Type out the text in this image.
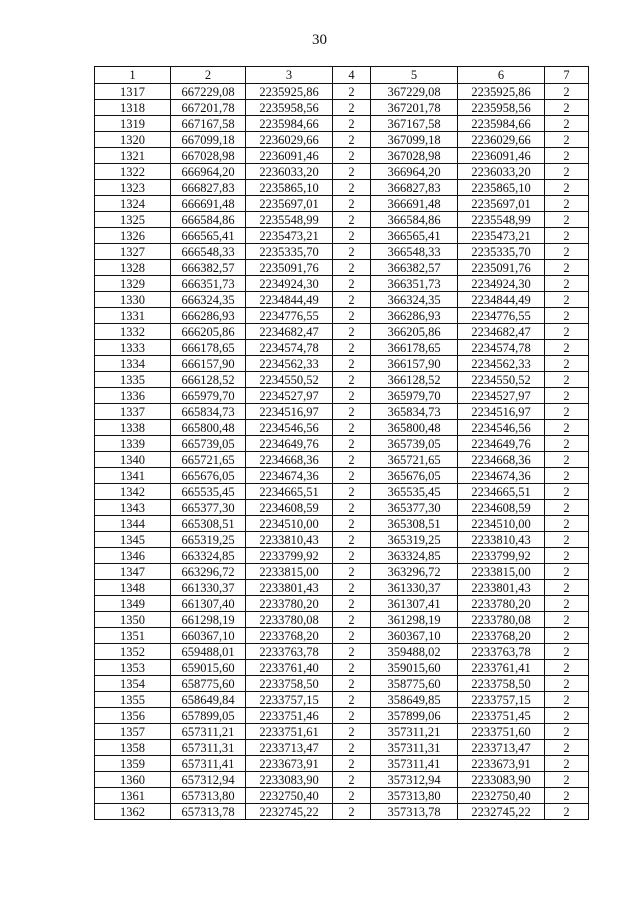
30
1	2	3	4	5	6	7
1317	667229,08	2235925,86	2	367229,08	2235925,86	2
1318	667201,78	2235958,56	2	367201,78	2235958,56	2
1319	667167,58	2235984,66	2	367167,58	2235984,66	2
1320	667099,18	2236029,66	2	367099,18	2236029,66	2
1321	667028,98	2236091,46	2	367028,98	2236091,46	2
1322	666964,20	2236033,20	2	366964,20	2236033,20	2
1323	666827,83	2235865,10	2	366827,83	2235865,10	2
1324	666691,48	2235697,01	2	366691,48	2235697,01	2
1325	666584,86	2235548,99	2	366584,86	2235548,99	2
1326	666565,41	2235473,21	2	366565,41	2235473,21	2
1327	666548,33	2235335,70	2	366548,33	2235335,70	2
1328	666382,57	2235091,76	2	366382,57	2235091,76	2
1329	666351,73	2234924,30	2	366351,73	2234924,30	2
1330	666324,35	2234844,49	2	366324,35	2234844,49	2
1331	666286,93	2234776,55	2	366286,93	2234776,55	2
1332	666205,86	2234682,47	2	366205,86	2234682,47	2
1333	666178,65	2234574,78	2	366178,65	2234574,78	2
1334	666157,90	2234562,33	2	366157,90	2234562,33	2
1335	666128,52	2234550,52	2	366128,52	2234550,52	2
1336	665979,70	2234527,97	2	365979,70	2234527,97	2
1337	665834,73	2234516,97	2	365834,73	2234516,97	2
1338	665800,48	2234546,56	2	365800,48	2234546,56	2
1339	665739,05	2234649,76	2	365739,05	2234649,76	2
1340	665721,65	2234668,36	2	365721,65	2234668,36	2
1341	665676,05	2234674,36	2	365676,05	2234674,36	2
1342	665535,45	2234665,51	2	365535,45	2234665,51	2
1343	665377,30	2234608,59	2	365377,30	2234608,59	2
1344	665308,51	2234510,00	2	365308,51	2234510,00	2
1345	665319,25	2233810,43	2	365319,25	2233810,43	2
1346	663324,85	2233799,92	2	363324,85	2233799,92	2
1347	663296,72	2233815,00	2	363296,72	2233815,00	2
1348	661330,37	2233801,43	2	361330,37	2233801,43	2
1349	661307,40	2233780,20	2	361307,41	2233780,20	2
1350	661298,19	2233780,08	2	361298,19	2233780,08	2
1351	660367,10	2233768,20	2	360367,10	2233768,20	2
1352	659488,01	2233763,78	2	359488,02	2233763,78	2
1353	659015,60	2233761,40	2	359015,60	2233761,41	2
1354	658775,60	2233758,50	2	358775,60	2233758,50	2
1355	658649,84	2233757,15	2	358649,85	2233757,15	2
1356	657899,05	2233751,46	2	357899,06	2233751,45	2
1357	657311,21	2233751,61	2	357311,21	2233751,60	2
1358	657311,31	2233713,47	2	357311,31	2233713,47	2
1359	657311,41	2233673,91	2	357311,41	2233673,91	2
1360	657312,94	2233083,90	2	357312,94	2233083,90	2
1361	657313,80	2232750,40	2	357313,80	2232750,40	2
1362	657313,78	2232745,22	2	357313,78	2232745,22	2
